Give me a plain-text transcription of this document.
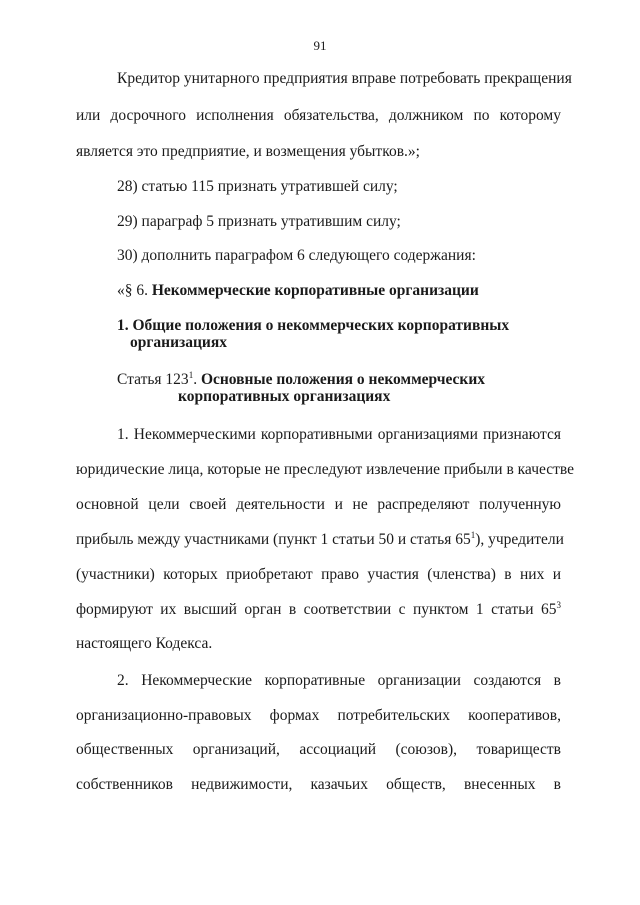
91
Кредитор унитарного предприятия вправе потребовать прекращения
или досрочного исполнения обязательства, должником по которому
является это предприятие, и возмещения убытков.»;
28) статью 115 признать утратившей силу;
29) параграф 5 признать утратившим силу;
30) дополнить параграфом 6 следующего содержания:
«§ 6. Некоммерческие корпоративные организации
1. Общие положения о некоммерческих корпоративных
организациях
Статья $123^1$. Основные положения о некоммерческих
корпоративных организациях
1. Некоммерческими корпоративными организациями признаются
юридические лица, которые не преследуют извлечение прибыли в качестве
основной цели своей деятельности и не распределяют полученную
прибыль между участниками (пункт 1 статьи 50 и статья $65^1$), учредители
(участники) которых приобретают право участия (членства) в них и
формируют их высший орган в соответствии с пунктом 1 статьи $65^3$
настоящего Кодекса.
2. Некоммерческие корпоративные организации создаются в
организационно-правовых формах потребительских кооперативов,
общественных организаций, ассоциаций (союзов), товариществ
собственников недвижимости, казачьих обществ, внесенных в
